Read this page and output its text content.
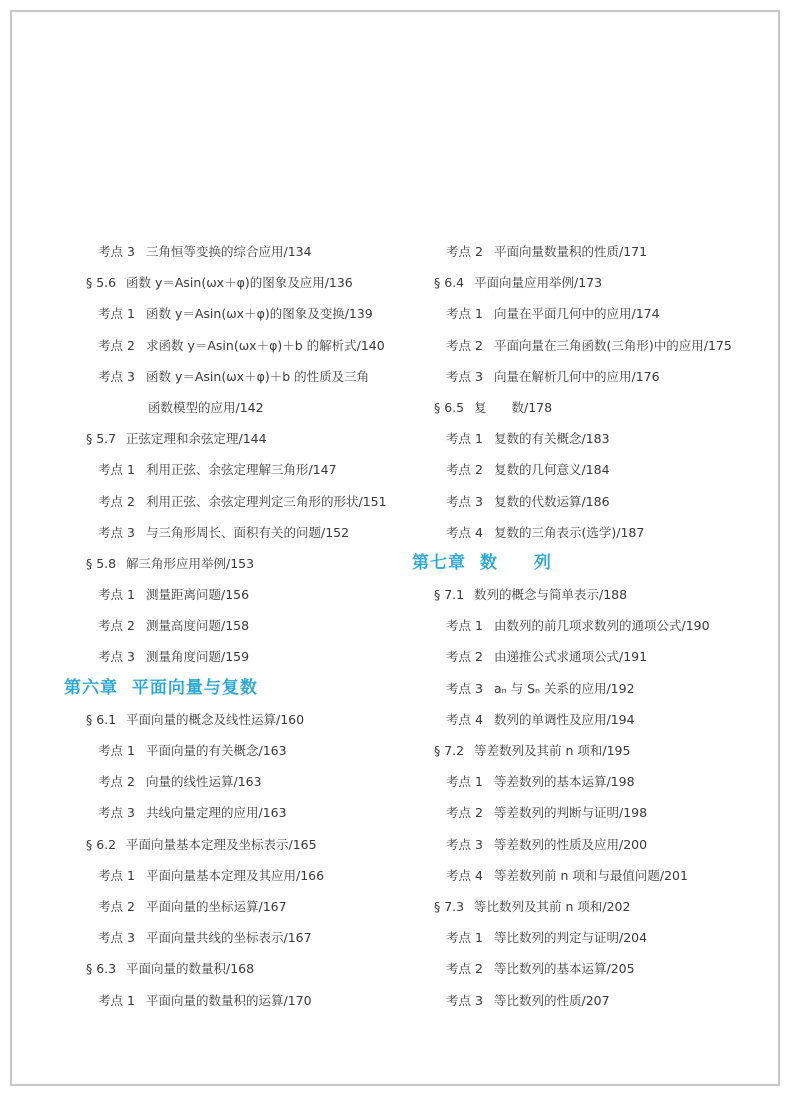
考点 3 三角恒等变换的综合应用/134
§ 5.6 函数 y＝Asin(ωx＋φ)的图象及应用/136
考点 1 函数 y＝Asin(ωx＋φ)的图象及变换/139
考点 2 求函数 y＝Asin(ωx＋φ)＋b 的解析式/140
考点 3 函数 y＝Asin(ωx＋φ)＋b 的性质及三角
函数模型的应用/142
§ 5.7 正弦定理和余弦定理/144
考点 1 利用正弦、余弦定理解三角形/147
考点 2 利用正弦、余弦定理判定三角形的形状/151
考点 3 与三角形周长、面积有关的问题/152
§ 5.8 解三角形应用举例/153
考点 1 测量距离问题/156
考点 2 测量高度问题/158
考点 3 测量角度问题/159
第六章 平面向量与复数
§ 6.1 平面向量的概念及线性运算/160
考点 1 平面向量的有关概念/163
考点 2 向量的线性运算/163
考点 3 共线向量定理的应用/163
§ 6.2 平面向量基本定理及坐标表示/165
考点 1 平面向量基本定理及其应用/166
考点 2 平面向量的坐标运算/167
考点 3 平面向量共线的坐标表示/167
§ 6.3 平面向量的数量积/168
考点 1 平面向量的数量积的运算/170
考点 2 平面向量数量积的性质/171
§ 6.4 平面向量应用举例/173
考点 1 向量在平面几何中的应用/174
考点 2 平面向量在三角函数(三角形)中的应用/175
考点 3 向量在解析几何中的应用/176
§ 6.5 复　　数/178
考点 1 复数的有关概念/183
考点 2 复数的几何意义/184
考点 3 复数的代数运算/186
考点 4 复数的三角表示(选学)/187
第七章 数　　列
§ 7.1 数列的概念与简单表示/188
考点 1 由数列的前几项求数列的通项公式/190
考点 2 由递推公式求通项公式/191
考点 3 aₙ 与 Sₙ 关系的应用/192
考点 4 数列的单调性及应用/194
§ 7.2 等差数列及其前 n 项和/195
考点 1 等差数列的基本运算/198
考点 2 等差数列的判断与证明/198
考点 3 等差数列的性质及应用/200
考点 4 等差数列前 n 项和与最值问题/201
§ 7.3 等比数列及其前 n 项和/202
考点 1 等比数列的判定与证明/204
考点 2 等比数列的基本运算/205
考点 3 等比数列的性质/207
